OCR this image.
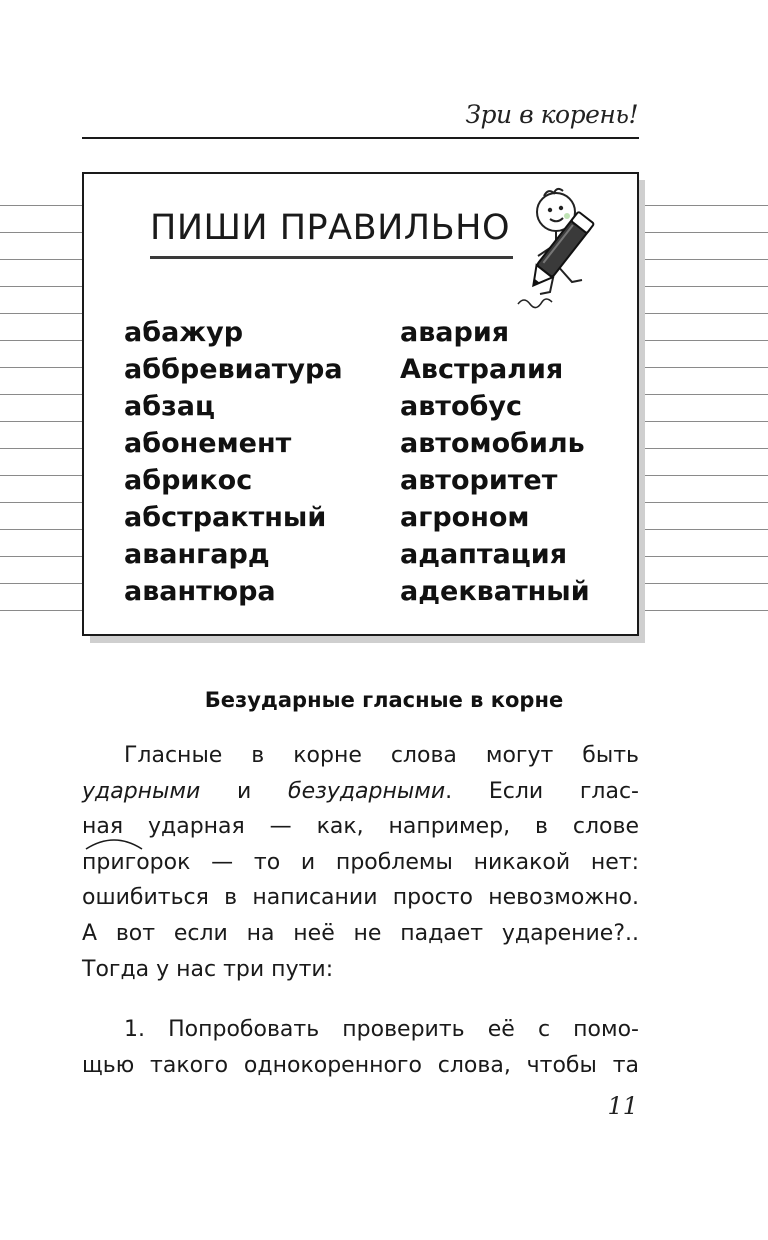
Зри в корень!
ПИШИ ПРАВИЛЬНО
абажур
аббревиатура
абзац
абонемент
абрикос
абстрактный
авангард
авантюра
авария
Австралия
автобус
автомобиль
авторитет
агроном
адаптация
адекватный
Безударные гласные в корне
Гласные в корне слова могут быть
ударными и безударными. Если глас-
ная ударная — как, например, в слове
пригорок — то и проблемы никакой нет:
ошибиться в написании просто невозможно.
А вот если на неё не падает ударение?..
Тогда у нас три пути:
1. Попробовать проверить её с помо-
щью такого однокоренного слова, чтобы та
11
